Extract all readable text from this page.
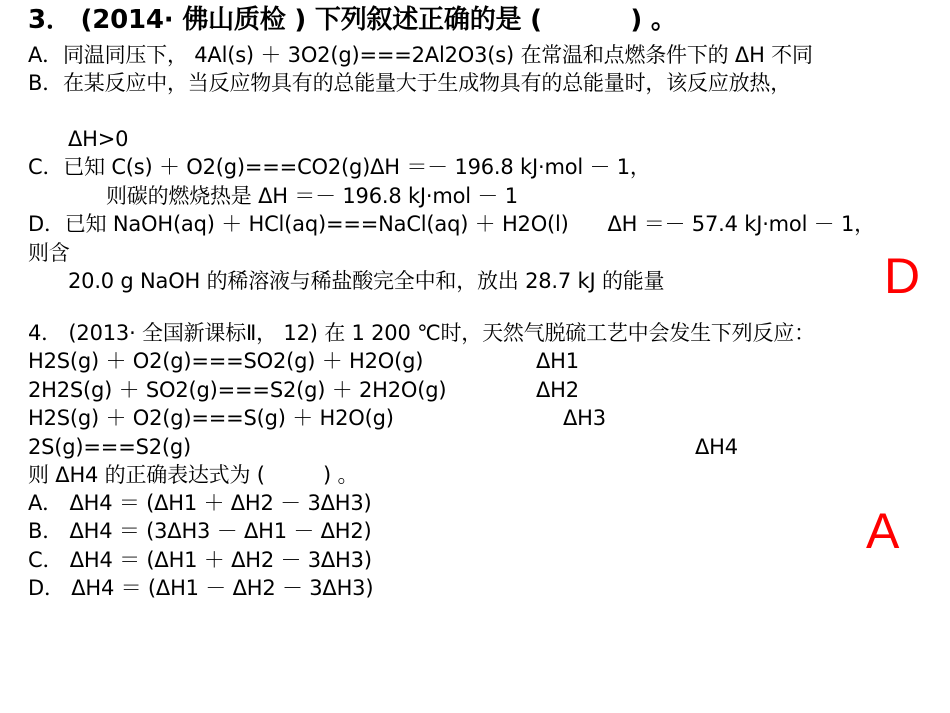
3． (2014· 佛山质检 ) 下列叙述正确的是 (          ) 。
A．同温同压下， 4Al(s) ＋ 3O2(g)===2Al2O3(s) 在常温和点燃条件下的 ΔH 不同
B．在某反应中，当反应物具有的总能量大于生成物具有的总能量时，该反应放热，
ΔH>0
C．已知 C(s) ＋ O2(g)===CO2(g)ΔH ＝－ 196.8 kJ·mol － 1，
则碳的燃烧热是 ΔH ＝－ 196.8 kJ·mol － 1
D．已知 NaOH(aq) ＋ HCl(aq)===NaCl(aq) ＋ H2O(l)      ΔH ＝－ 57.4 kJ·mol － 1，
则含
20.0 g NaOH 的稀溶液与稀盐酸完全中和，放出 28.7 kJ 的能量	D
4． (2013· 全国新课标Ⅱ， 12) 在 1 200 ℃时，天然气脱硫工艺中会发生下列反应：
H2S(g) ＋ O2(g)===SO2(g) ＋ H2O(g)	ΔH1
2H2S(g) ＋ SO2(g)===S2(g) ＋ 2H2O(g)	ΔH2
H2S(g) ＋ O2(g)===S(g) ＋ H2O(g)	ΔH3
2S(g)===S2(g)	ΔH4
则 ΔH4 的正确表达式为 (         ) 。
A． ΔH4 ＝ (ΔH1 ＋ ΔH2 － 3ΔH3)
B． ΔH4 ＝ (3ΔH3 － ΔH1 － ΔH2)
C． ΔH4 ＝ (ΔH1 ＋ ΔH2 － 3ΔH3)
D． ΔH4 ＝ (ΔH1 － ΔH2 － 3ΔH3)
A
